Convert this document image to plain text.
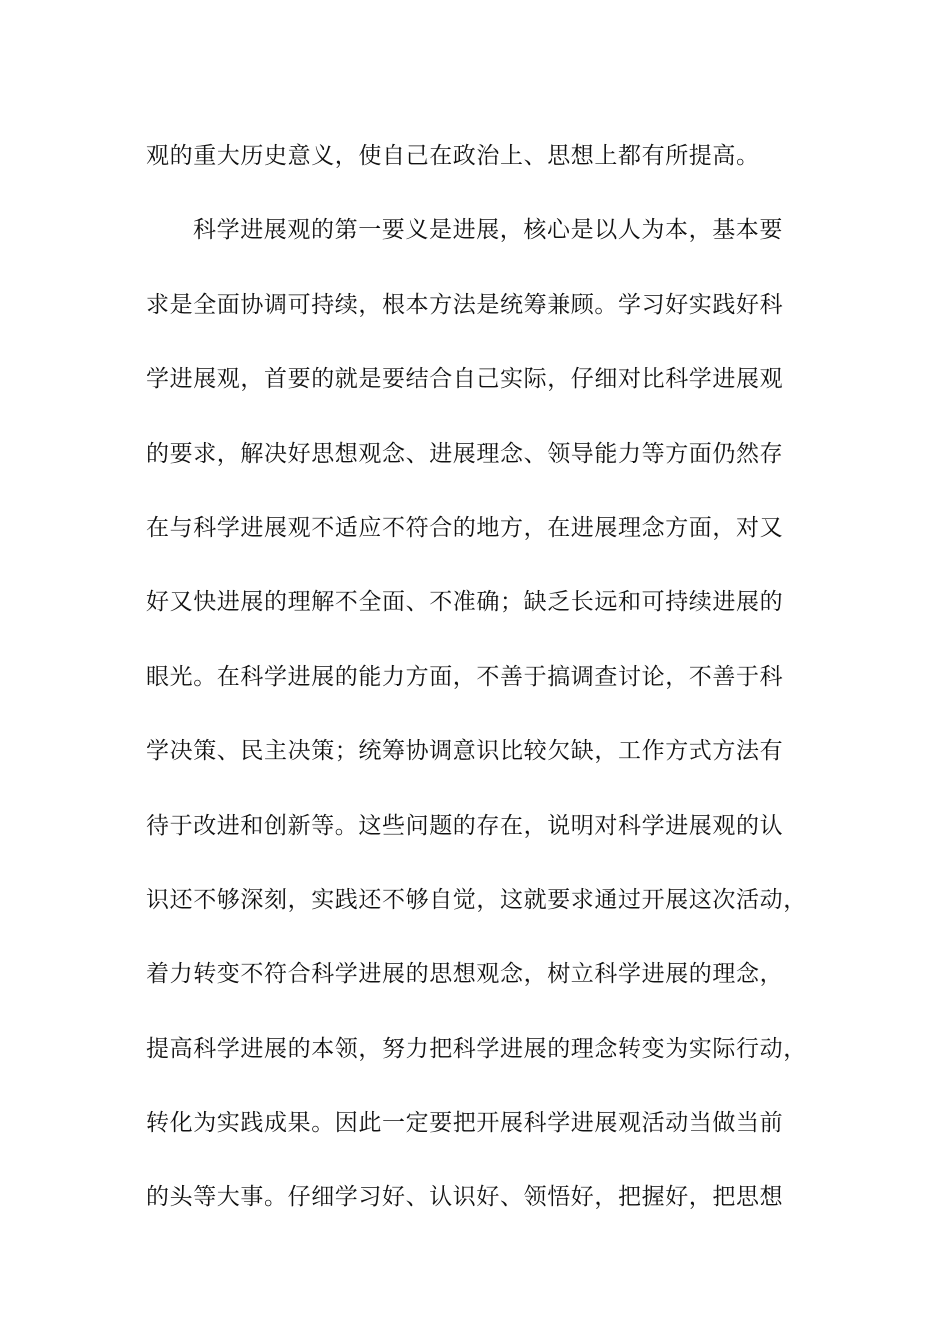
观的重大历史意义，使自己在政治上、思想上都有所提高。
科学进展观的第一要义是进展，核心是以人为本，基本要
求是全面协调可持续，根本方法是统筹兼顾。学习好实践好科
学进展观，首要的就是要结合自己实际，仔细对比科学进展观
的要求，解决好思想观念、进展理念、领导能力等方面仍然存
在与科学进展观不适应不符合的地方，在进展理念方面，对又
好又快进展的理解不全面、不准确；缺乏长远和可持续进展的
眼光。在科学进展的能力方面，不善于搞调查讨论，不善于科
学决策、民主决策；统筹协调意识比较欠缺，工作方式方法有
待于改进和创新等。这些问题的存在，说明对科学进展观的认
识还不够深刻，实践还不够自觉，这就要求通过开展这次活动，
着力转变不符合科学进展的思想观念，树立科学进展的理念，
提高科学进展的本领，努力把科学进展的理念转变为实际行动，
转化为实践成果。因此一定要把开展科学进展观活动当做当前
的头等大事。仔细学习好、认识好、领悟好，把握好，把思想
